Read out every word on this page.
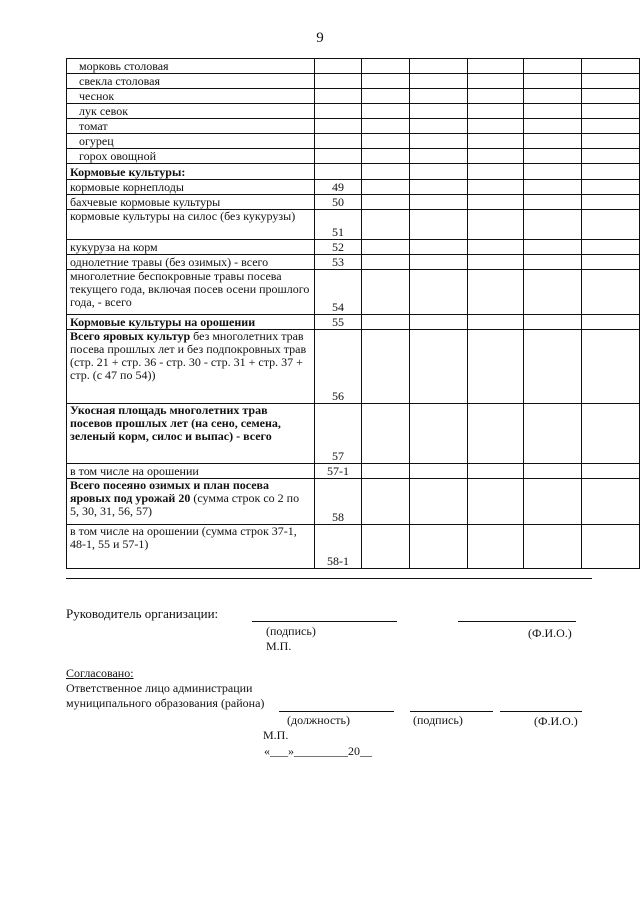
9
морковь столовая						
свекла столовая						
чеснок						
лук севок						
томат						
огурец						
горох овощной						
Кормовые культуры:						
кормовые корнеплоды	49					
бахчевые кормовые культуры	50					
кормовые культуры на силос (без кукурузы)	51					
кукуруза на корм	52					
однолетние травы (без озимых) - всего	53					
многолетние беспокровные травы посева текущего года, включая посев осени прошлого года, - всего	54					
Кормовые культуры на орошении	55					
Всего яровых культур без многолетних трав посева прошлых лет и без подпокровных трав (стр. 21 + стр. 36 - стр. 30 - стр. 31 + стр. 37 + стр. (с 47 по 54))	56					
Укосная площадь многолетних трав посевов прошлых лет (на сено, семена, зеленый корм, силос и выпас) - всего	57					
в том числе на орошении	57-1					
Всего посеяно озимых и план посева яровых под урожай 20 (сумма строк со 2 по 5, 30, 31, 56, 57)	58					
в том числе на орошении (сумма строк 37-1, 48-1, 55 и 57-1)	58-1					
Руководитель организации:
(подпись)	(Ф.И.О.)
М.П.
Согласовано:
Ответственное лицо администрации
муниципального образования (района)
(должность)	(подпись)	(Ф.И.О.)
М.П.
«___»_________20__
